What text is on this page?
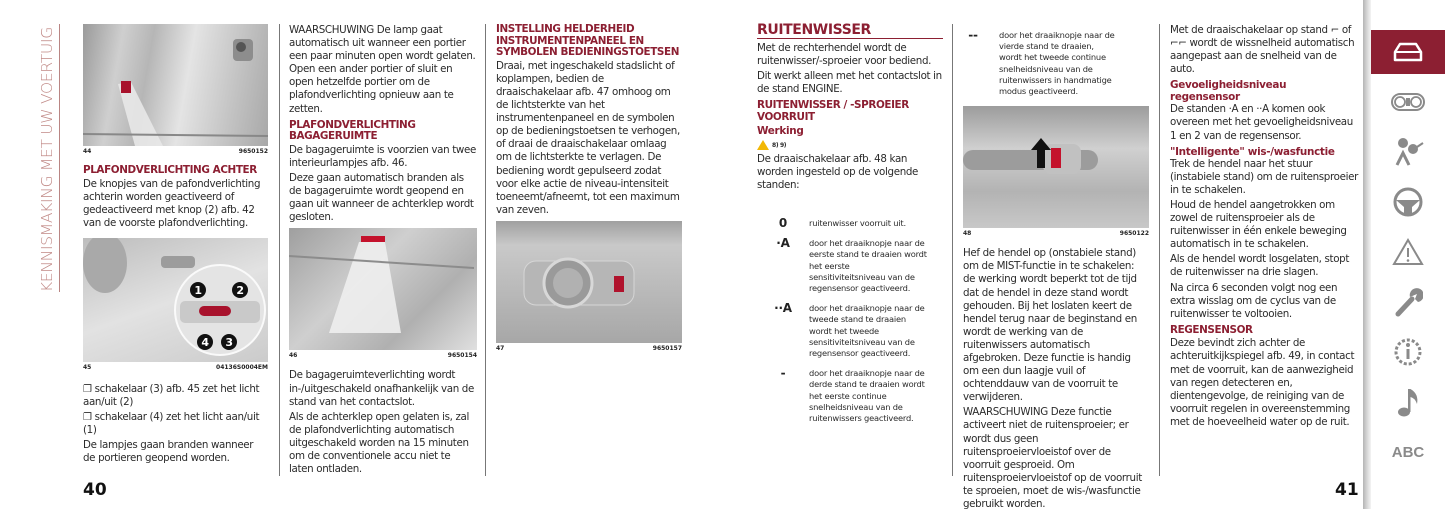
KENNISMAKING MET UW VOERTUIG	44	9650152
PLAFONDVERLICHTING ACHTER

De knopjes van de pafondverlichting achterin worden geactiveerd of gedeactiveerd met knop (2) afb. 42 van de voorste plafondverlichting.

1	2
4 3
45	04136S0004EM

❐ schakelaar (3) afb. 45 zet het licht aan/uit (2)

❐ schakelaar (4) zet het licht aan/uit (1)

De lampjes gaan branden wanneer de portieren geopend worden.

WAARSCHUWING De lamp gaat automatisch uit wanneer een portier een paar minuten open wordt gelaten. Open een ander portier of sluit en open hetzelfde portier om de plafondverlichting opnieuw aan te zetten.

PLAFONDVERLICHTING BAGAGERUIMTE

De bagageruimte is voorzien van twee interieurlampjes afb. 46.

Deze gaan automatisch branden als de bagageruimte wordt geopend en gaan uit wanneer de achterklep wordt gesloten.

46	9650154

De bagageruimteverlichting wordt in-/uitgeschakeld onafhankelijk van de stand van het contactslot.

Als de achterklep open gelaten is, zal de plafondverlichting automatisch uitgeschakeld worden na 15 minuten om de conventionele accu niet te laten ontladen.

INSTELLING HELDERHEID INSTRUMENTENPANEEL EN SYMBOLEN BEDIENINGSTOETSEN

Draai, met ingeschakeld stadslicht of koplampen, bedien de draaischakelaar afb. 47 omhoog om de lichtsterkte van het instrumentenpaneel en de symbolen op de bedieningstoetsen te verhogen, of draai de draaischakelaar omlaag om de lichtsterkte te verlagen. De bediening wordt gepulseerd zodat voor elke actie de niveau-intensiteit toeneemt/afneemt, tot een maximum van zeven.

47	9650157
40
RUITENWISSER

Met de rechterhendel wordt de ruitenwisser/-sproeier voor bediend.

Dit werkt alleen met het contactslot in de stand ENGINE.

RUITENWISSER / -SPROEIER VOORRUIT
Werking
8) 9)

De draaischakelaar afb. 48 kan worden ingesteld op de volgende standen:

0	ruitenwisser voorruit uit.
·A	door het draaiknopje naar de eerste stand te draaien wordt het eerste sensitiviteitsniveau van de regensensor geactiveerd.
··A	door het draaiknopje naar de tweede stand te draaien wordt het tweede sensitiviteitsniveau van de regensensor geactiveerd.
-	door het draaiknopje naar de derde stand te draaien wordt het eerste continue snelheidsniveau van de ruitenwissers geactiveerd.
--	door het draaiknopje naar de vierde stand te draaien, wordt het tweede continue snelheidsniveau van de ruitenwissers in handmatige modus geactiveerd.
48	9650122

Hef de hendel op (onstabiele stand) om de MIST-functie in te schakelen: de werking wordt beperkt tot de tijd dat de hendel in deze stand wordt gehouden. Bij het loslaten keert de hendel terug naar de beginstand en wordt de werking van de ruitenwissers automatisch afgebroken. Deze functie is handig om een dun laagje vuil of ochtenddauw van de voorruit te verwijderen.

WAARSCHUWING Deze functie activeert niet de ruitensproeier; er wordt dus geen ruitensproeiervloeistof over de voorruit gesproeid. Om ruitensproeiervloeistof op de voorruit te sproeien, moet de wis-/wasfunctie gebruikt worden.

Met de draaischakelaar op stand ⌐ of ⌐⌐ wordt de wissnelheid automatisch aangepast aan de snelheid van de auto.

Gevoeligheidsniveau regensensor

De standen ·A en ··A komen ook overeen met het gevoeligheidsniveau 1 en 2 van de regensensor.

"Intelligente" wis-/wasfunctie

Trek de hendel naar het stuur (instabiele stand) om de ruitensproeier in te schakelen.

Houd de hendel aangetrokken om zowel de ruitensproeier als de ruitenwisser in één enkele beweging automatisch in te schakelen.

Als de hendel wordt losgelaten, stopt de ruitenwisser na drie slagen.

Na circa 6 seconden volgt nog een extra wisslag om de cyclus van de ruitenwisser te voltooien.

REGENSENSOR

Deze bevindt zich achter de achteruitkijkspiegel afb. 49, in contact met de voorruit, kan de aanwezigheid van regen detecteren en, dientengevolge, de reiniging van de voorruit regelen in overeenstemming met de hoeveelheid water op de ruit.

41
ABC
